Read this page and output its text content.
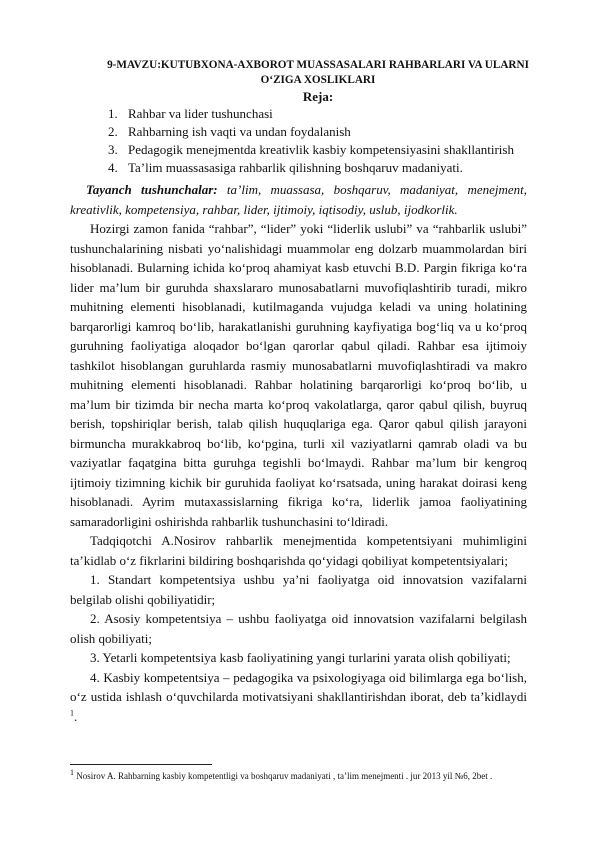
9-MAVZU:KUTUBXONA-AXBOROT MUASSASALARI RAHBARLARI VA ULARNI
O‘ZIGA XOSLIKLARI
Reja:
1. Rahbar va lider tushunchasi
2. Rahbarning ish vaqti va undan foydalanish
3. Pedagogik menejmentda kreativlik kasbiy kompetensiyasini shakllantirish
4. Ta’lim muassasasiga rahbarlik qilishning boshqaruv madaniyati.

Tayanch tushunchalar: ta’lim, muassasa, boshqaruv, madaniyat, menejment, kreativlik, kompetensiya, rahbar, lider, ijtimoiy, iqtisodiy, uslub, ijodkorlik.

Hozirgi zamon fanida “rahbar”, “lider” yoki “liderlik uslubi” va “rahbarlik uslubi” tushunchalarining nisbati yo‘nalishidagi muammolar eng dolzarb muammolardan biri hisoblanadi. Bularning ichida ko‘proq ahamiyat kasb etuvchi B.D. Pargin fikriga ko‘ra lider ma’lum bir guruhda shaxslararo munosabatlarni muvofiqlashtirib turadi, mikro muhitning elementi hisoblanadi, kutilmaganda vujudga keladi va uning holatining barqarorligi kamroq bo‘lib, harakatlanishi guruhning kayfiyatiga bog‘liq va u ko‘proq guruhning faoliyatiga aloqador bo‘lgan qarorlar qabul qiladi. Rahbar esa ijtimoiy tashkilot hisoblangan guruhlarda rasmiy munosabatlarni muvofiqlashtiradi va makro muhitning elementi hisoblanadi. Rahbar holatining barqarorligi ko‘proq bo‘lib, u ma’lum bir tizimda bir necha marta ko‘proq vakolatlarga, qaror qabul qilish, buyruq berish, topshiriqlar berish, talab qilish huquqlariga ega. Qaror qabul qilish jarayoni birmuncha murakkabroq bo‘lib, ko‘pgina, turli xil vaziyatlarni qamrab oladi va bu vaziyatlar faqatgina bitta guruhga tegishli bo‘lmaydi. Rahbar ma’lum bir kengroq ijtimoiy tizimning kichik bir guruhida faoliyat ko‘rsatsada, uning harakat doirasi keng hisoblanadi. Ayrim mutaxassislarning fikriga ko‘ra, liderlik jamoa faoliyatining samaradorligini oshirishda rahbarlik tushunchasini to‘ldiradi.

Tadqiqotchi A.Nosirov rahbarlik menejmentida kompetentsiyani muhimligini ta’kidlab o‘z fikrlarini bildiring boshqarishda qo‘yidagi qobiliyat kompetentsiyalari;

1. Standart kompetentsiya ushbu ya’ni faoliyatga oid innovatsion vazifalarni belgilab olishi qobiliyatidir;

2. Asosiy kompetentsiya – ushbu faoliyatga oid innovatsion vazifalarni belgilash olish qobiliyati;

3. Yetarli kompetentsiya kasb faoliyatining yangi turlarini yarata olish qobiliyati;

4. Kasbiy kompetentsiya – pedagogika va psixologiyaga oid bilimlarga ega bo‘lish, o‘z ustida ishlash o‘quvchilarda motivatsiyani shakllantirishdan iborat, deb ta’kidlaydi $^1$.

$^1$ Nosirov A. Rahbarning kasbiy kompetentligi va boshqaruv madaniyati , ta’lim menejmenti . jur 2013 yil №6, 2bet .
